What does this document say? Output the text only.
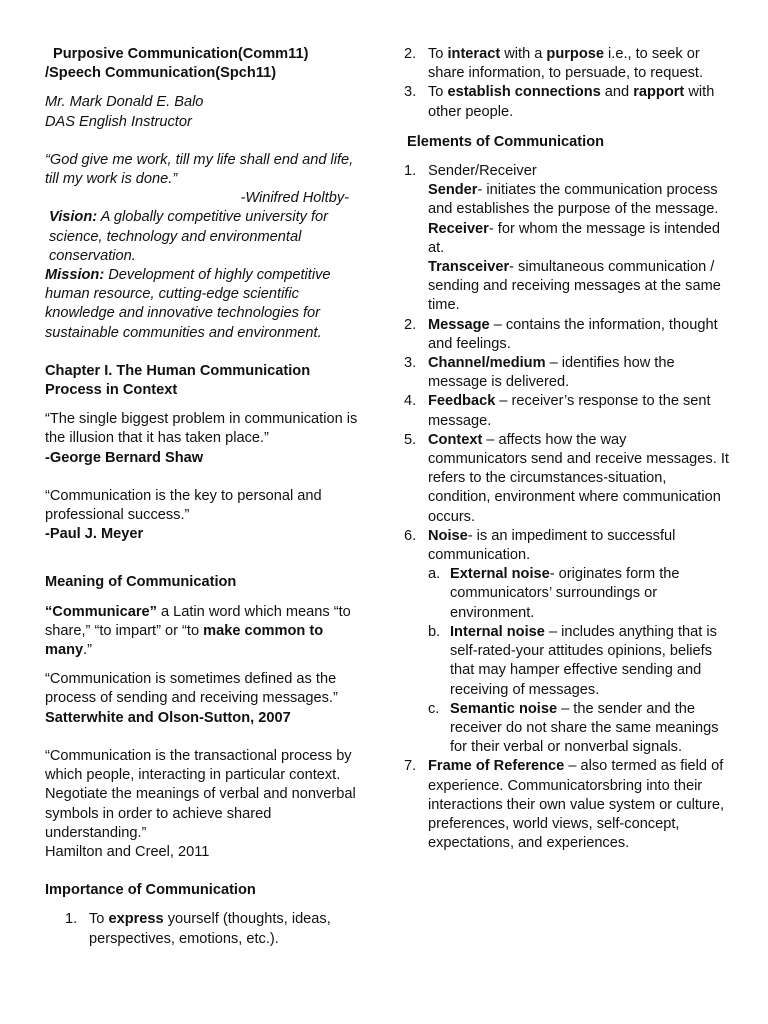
Purposive Communication(Comm11)

/Speech Communication(Spch11)

Mr. Mark Donald E. Balo

DAS English Instructor

“God give me work, till my life shall end and life, till my work is done.”

-Winifred Holtby-

Vision: A globally competitive university for science, technology and environmental conservation.

Mission: Development of highly competitive human resource, cutting-edge scientific knowledge and innovative technologies for sustainable communities and environment.

Chapter I. The Human Communication Process in Context

“The single biggest problem in communication is the illusion that it has taken place.”

-George Bernard Shaw

“Communication is the key to personal and professional success.”

-Paul J. Meyer

Meaning of Communication

“Communicare” a Latin word which means “to share,” “to impart” or “to make common to many.”

“Communication is sometimes defined as the process of sending and receiving messages.”

Satterwhite and Olson-Sutton, 2007

“Communication is the transactional process by which people, interacting in particular context. Negotiate the meanings of verbal and nonverbal symbols in order to achieve shared understanding.”

Hamilton and Creel, 2011

Importance of Communication

1. To express yourself (thoughts, ideas, perspectives, emotions, etc.).
2. To interact with a purpose i.e., to seek or share information, to persuade, to request.
3. To establish connections and rapport with other people.

Elements of Communication

1. Sender/Receiver

Sender- initiates the communication process and establishes the purpose of the message.

Receiver- for whom the message is intended at.

Transceiver- simultaneous communication / sending and receiving messages at the same time.

2. Message – contains the information, thought and feelings.
3. Channel/medium – identifies how the message is delivered.
4. Feedback – receiver’s response to the sent message.
5. Context – affects how the way communicators send and receive messages. It refers to the circumstances-situation, condition, environment where communication occurs.
6. Noise- is an impediment to successful communication.
a. External noise- originates form the communicators’ surroundings or environment.
b. Internal noise – includes anything that is self-rated-your attitudes opinions, beliefs that may hamper effective sending and receiving of messages.
c. Semantic noise – the sender and the receiver do not share the same meanings for their verbal or nonverbal signals.
7. Frame of Reference – also termed as field of experience. Communicatorsbring into their interactions their own value system or culture, preferences, world views, self-concept, expectations, and experiences.
